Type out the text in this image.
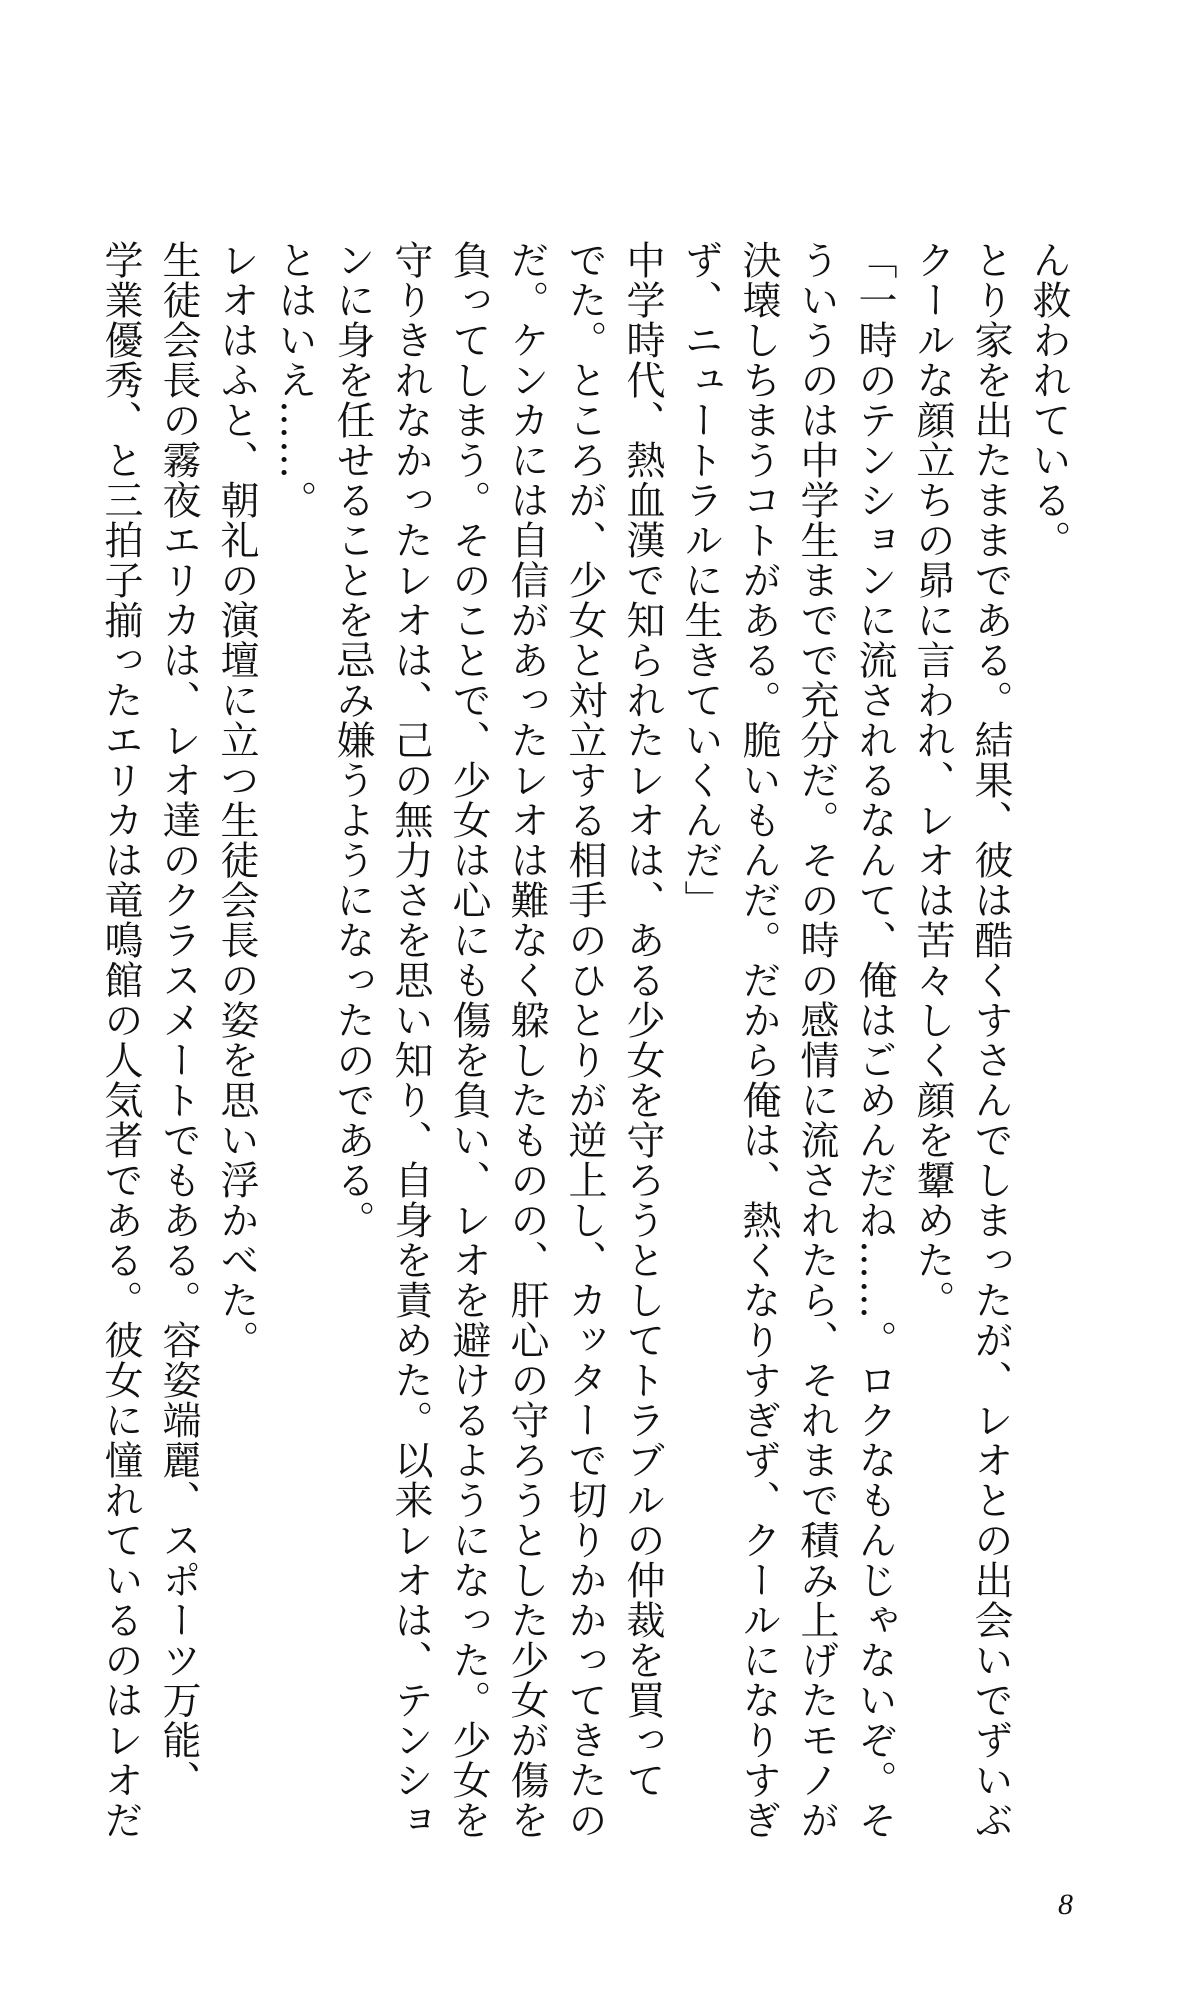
ん救われている。
とり家を出たままである。結果、彼は酷くすさんでしまったが、レオとの出会いでずいぶ
クールな顔立ちの昴に言われ、レオは苦々しく顔を顰めた。
「一時のテンションに流されるなんて、俺はごめんだね……。ロクなもんじゃないぞ。そ
ういうのは中学生までで充分だ。その時の感情に流されたら、それまで積み上げたモノが
決壊しちまうコトがある。脆いもんだ。だから俺は、熱くなりすぎず、クールになりすぎ
ず、ニュートラルに生きていくんだ」
中学時代、熱血漢で知られたレオは、ある少女を守ろうとしてトラブルの仲裁を買って
でた。ところが、少女と対立する相手のひとりが逆上し、カッターで切りかかってきたの
だ。ケンカには自信があったレオは難なく躱したものの、肝心の守ろうとした少女が傷を
負ってしまう。そのことで、少女は心にも傷を負い、レオを避けるようになった。少女を
守りきれなかったレオは、己の無力さを思い知り、自身を責めた。以来レオは、テンショ
ンに身を任せることを忌み嫌うようになったのである。
とはいえ……。
レオはふと、朝礼の演壇に立つ生徒会長の姿を思い浮かべた。
生徒会長の霧夜エリカは、レオ達のクラスメートでもある。容姿端麗、スポーツ万能、
学業優秀、と三拍子揃ったエリカは竜鳴館の人気者である。彼女に憧れているのはレオだ
8
